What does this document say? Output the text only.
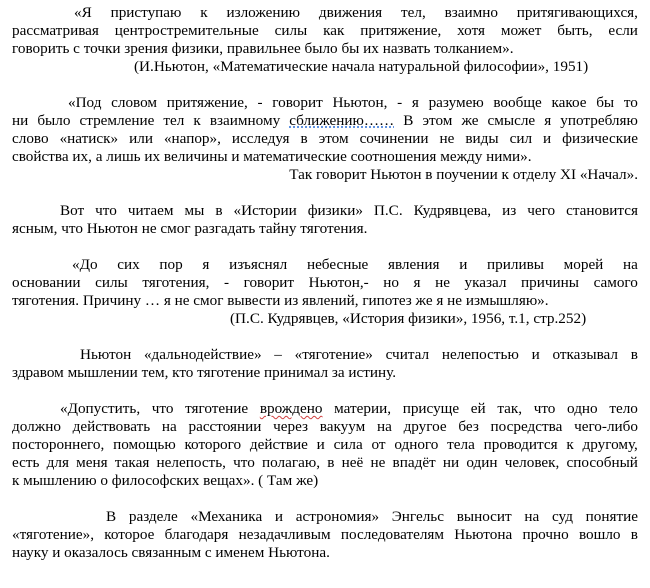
«Я приступаю к изложению движения тел, взаимно притягивающихся,
рассматривая центростремительные силы как притяжение, хотя может быть, если
говорить с точки зрения физики, правильнее было бы их назвать толканием».
(И.Ньютон, «Математические начала натуральной философии», 1951)
«Под словом притяжение, - говорит Ньютон, - я разумею вообще какое бы то
ни было стремление тел к взаимному сближению…… В этом же смысле я употребляю
слово «натиск» или «напор», исследуя в этом сочинении не виды сил и физические
свойства их, а лишь их величины и математические соотношения между ними».
Так говорит Ньютон в поучении к отделу XI «Начал».
Вот что читаем мы в «Истории физики» П.С. Кудрявцева, из чего становится
ясным, что Ньютон не смог разгадать тайну тяготения.
«До сих пор я изъяснял небесные явления и приливы морей на
основании силы тяготения, - говорит Ньютон,- но я не указал причины самого
тяготения. Причину … я не смог вывести из явлений, гипотез же я не измышляю».
(П.С. Кудрявцев, «История физики», 1956, т.1, стр.252)
Ньютон «дальнодействие» – «тяготение» считал нелепостью и отказывал в
здравом мышлении тем, кто тяготение принимал за истину.
«Допустить, что тяготение врождено материи, присуще ей так, что одно тело
должно действовать на расстоянии через вакуум на другое без посредства чего-либо
постороннего, помощью которого действие и сила от одного тела проводится к другому,
есть для меня такая нелепость, что полагаю, в неё не впадёт ни один человек, способный
к мышлению о философских вещах». ( Там же)
В разделе «Механика и астрономия» Энгельс выносит на суд понятие
«тяготение», которое благодаря незадачливым последователям Ньютона прочно вошло в
науку и оказалось связанным с именем Ньютона.
